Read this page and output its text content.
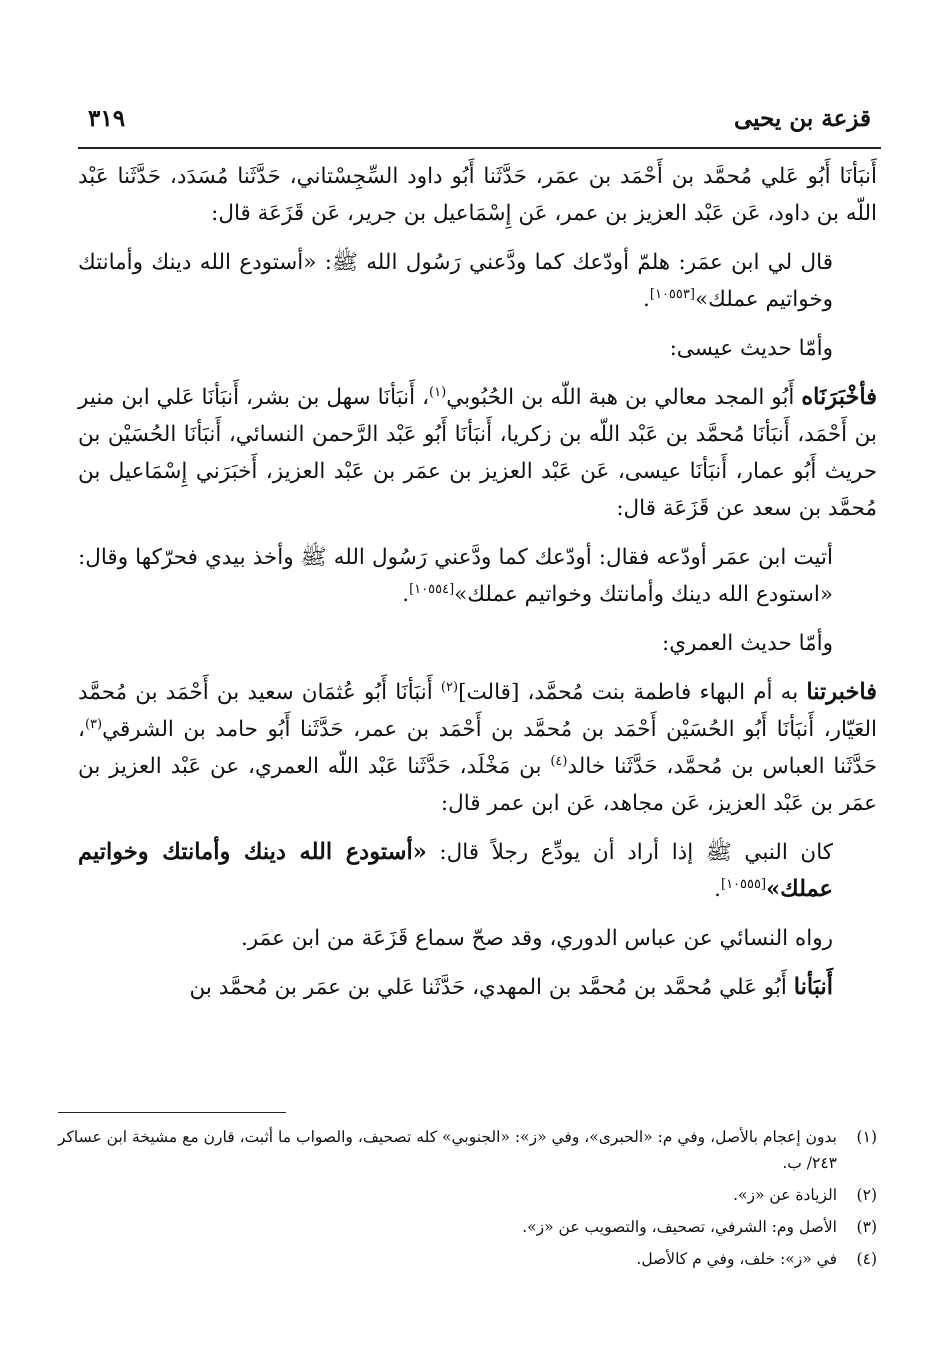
قزعة بن يحيى
٣١٩

أَنبَأنَا أَبُو عَلي مُحمَّد بن أَحْمَد بن عمَر، حَدَّثَنا أَبُو داود السِّجِسْتاني، حَدَّثَنا مُسَدَد، حَدَّثَنا عَبْد اللّه بن داود، عَن عَبْد العزيز بن عمر، عَن إِسْمَاعيل بن جرير، عَن قَزَعَة قال:

قال لي ابن عمَر: هلمّ أودّعك كما ودَّعني رَسُول الله ﷺ: «أستودع الله دينك وأمانتك وخواتيم عملك»[١٠٥٥٣].

وأمّا حديث عيسى:

فأخْبَرَنَاه أَبُو المجد معالي بن هبة اللّه بن الحُبُوبي$^{(١)}$، أَنبَأنَا سهل بن بشر، أَنبَأنَا عَلي ابن منير بن أَحْمَد، أَنبَأنَا مُحمَّد بن عَبْد اللّه بن زكريا، أَنبَأنَا أَبُو عَبْد الرَّحمن النسائي، أَنبَأنَا الحُسَيْن بن حريث أَبُو عمار، أَنبَأنَا عيسى، عَن عَبْد العزيز بن عمَر بن عَبْد العزيز، أَخبَرَني إِسْمَاعيل بن مُحمَّد بن سعد عن قَزَعَة قال:

أتيت ابن عمَر أودّعه فقال: أودّعك كما ودَّعني رَسُول الله ﷺ وأخذ بيدي فحرّكها وقال: «استودع الله دينك وأمانتك وخواتيم عملك»[١٠٥٥٤].

وأمّا حديث العمري:

فاخبرتنا به أم البهاء فاطمة بنت مُحمَّد، [قالت]$^{(٢)}$ أَنبَأنَا أَبُو عُثمَان سعيد بن أَحْمَد بن مُحمَّد العَيّار، أَنبَأنَا أَبُو الحُسَيْن أَحْمَد بن مُحمَّد بن أَحْمَد بن عمر، حَدَّثَنا أَبُو حامد بن الشرقي$^{(٣)}$، حَدَّثَنا العباس بن مُحمَّد، حَدَّثَنا خالد$^{(٤)}$ بن مَخْلَد، حَدَّثَنا عَبْد اللّه العمري، عن عَبْد العزيز بن عمَر بن عَبْد العزيز، عَن مجاهد، عَن ابن عمر قال:

كان النبي ﷺ إذا أراد أن يودِّع رجلاً قال: «أستودع الله دينك وأمانتك وخواتيم عملك»[١٠٥٥٥].

رواه النسائي عن عباس الدوري، وقد صحّ سماع قَزَعَة من ابن عمَر.

أَنبَأنا أَبُو عَلي مُحمَّد بن مُحمَّد بن المهدي، حَدَّثَنا عَلي بن عمَر بن مُحمَّد بن

(١)
بدون إعجام بالأصل، وفي م: «الحبرى»، وفي «ز»: «الجنوبي» كله تصحيف، والصواب ما أثبت، قارن مع مشيخة ابن عساكر ٢٤٣/ ب.
(٢)
الزيادة عن «ز».
(٣)
الأصل وم: الشرفي، تصحيف، والتصويب عن «ز».
(٤)
في «ز»: خلف، وفي م كالأصل.
